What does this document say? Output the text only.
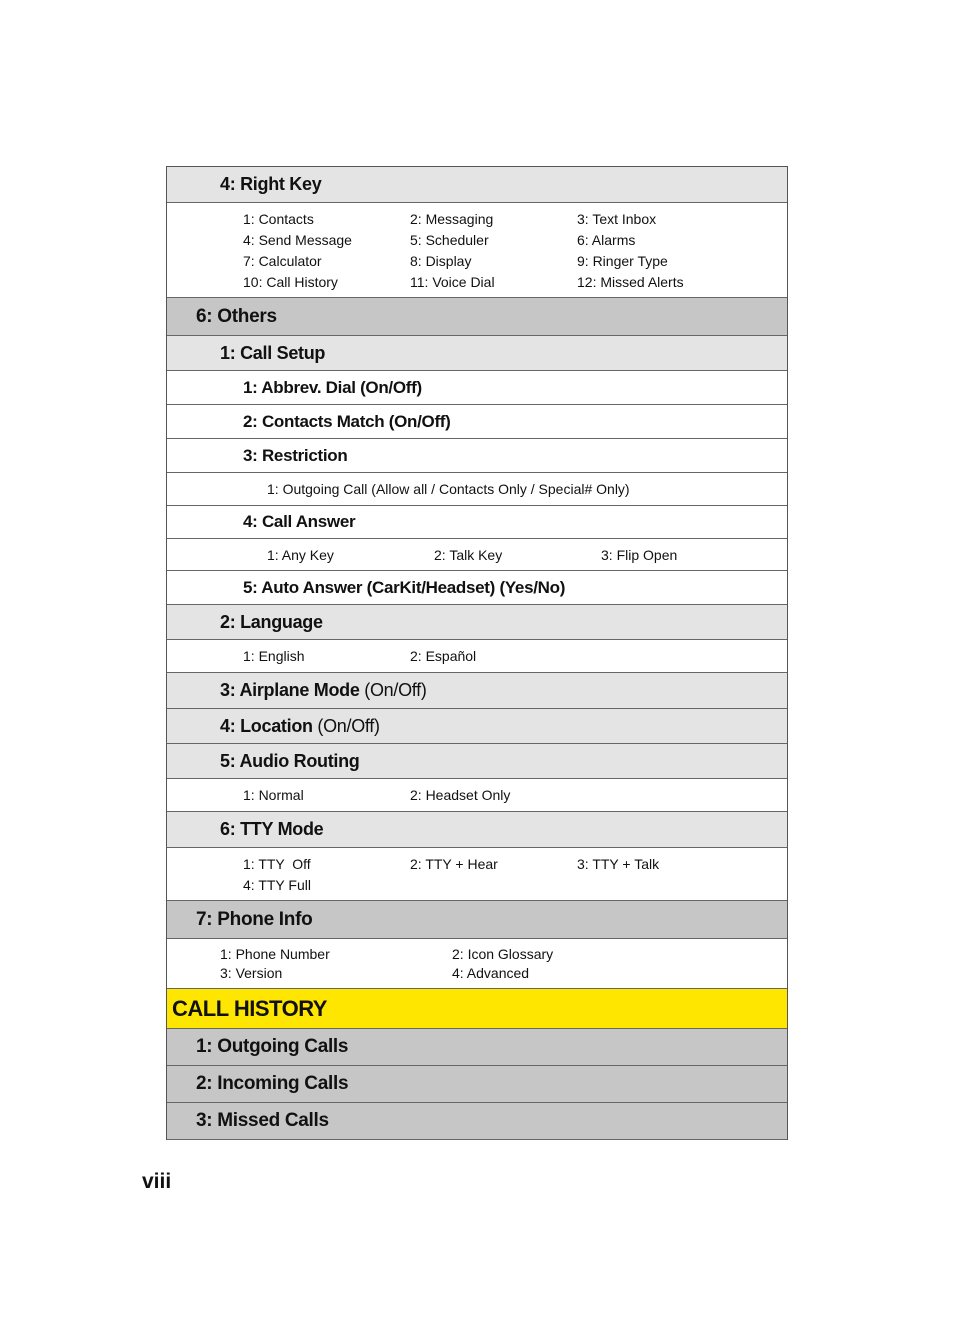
4: Right Key
1: Contacts	2: Messaging	3: Text Inbox
4: Send Message	5: Scheduler	6: Alarms
7: Calculator	8: Display	9: Ringer Type
10: Call History	11: Voice Dial	12: Missed Alerts
6: Others
1: Call Setup
1: Abbrev. Dial (On/Off)
2: Contacts Match (On/Off)
3: Restriction
1: Outgoing Call (Allow all / Contacts Only / Special# Only)
4: Call Answer
1: Any Key	2: Talk Key	3: Flip Open
5: Auto Answer (CarKit/Headset) (Yes/No)
2: Language
1: English	2: Español
3: Airplane Mode (On/Off)
4: Location (On/Off)
5: Audio Routing
1: Normal	2: Headset Only
6: TTY Mode
1: TTY  Off	2: TTY + Hear	3: TTY + Talk
4: TTY Full
7: Phone Info
1: Phone Number	2: Icon Glossary
3: Version	4: Advanced
CALL HISTORY
1: Outgoing Calls
2: Incoming Calls
3: Missed Calls
viii
